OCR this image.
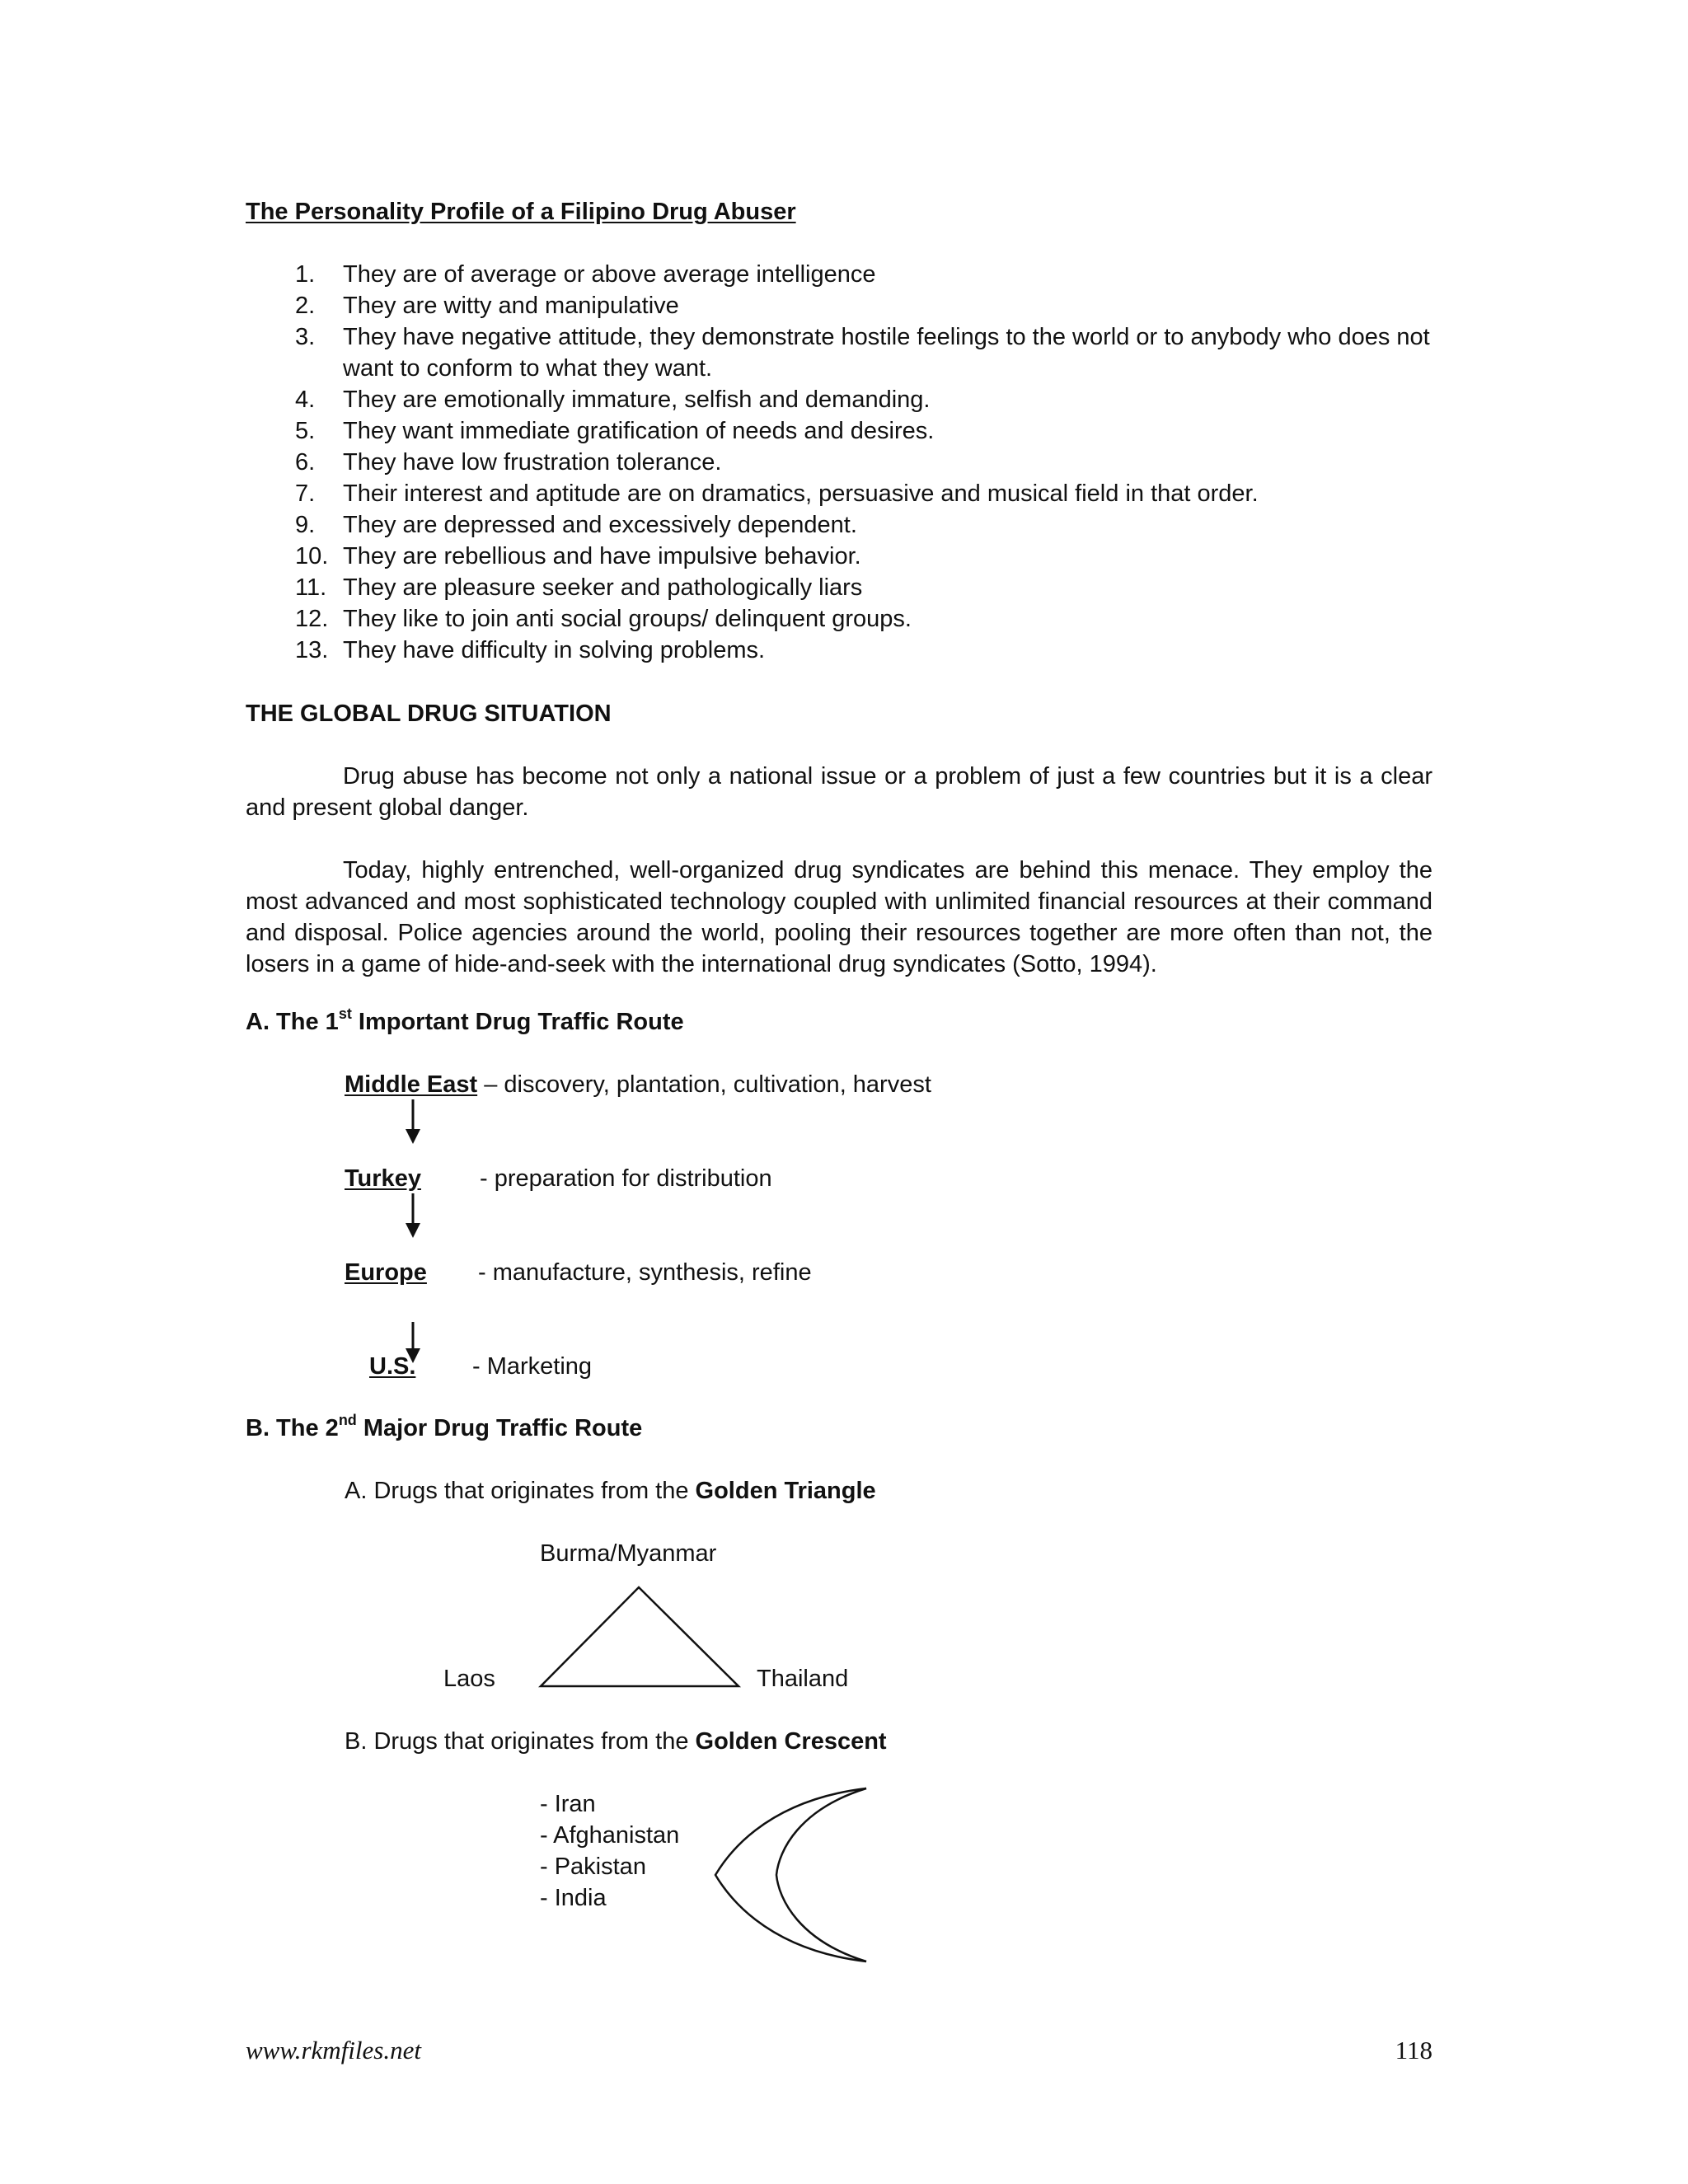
The Personality Profile of a Filipino Drug Abuser
1.	They are of average or above average intelligence
2.	They are witty and manipulative
3.	They have negative attitude, they demonstrate hostile feelings to the world or to anybody who does not want to conform to what they want.
4.	They are emotionally immature, selfish and demanding.
5.	They want immediate gratification of needs and desires.
6.	They have low frustration tolerance.
7.	Their interest and aptitude are on dramatics, persuasive and musical field in that order.
9.	They are depressed and excessively dependent.
10. They are rebellious and have impulsive behavior.
11. They are pleasure seeker and pathologically liars
12. They like to join anti social groups/ delinquent groups.
13. They have difficulty in solving problems.
THE GLOBAL DRUG SITUATION

Drug abuse has become not only a national issue or a problem of just a few countries but it is a clear and present global danger.

Today, highly entrenched, well-organized drug syndicates are behind this menace. They employ the most advanced and most sophisticated technology coupled with unlimited financial resources at their command and disposal. Police agencies around the world, pooling their resources together are more often than not, the losers in a game of hide-and-seek with the international drug syndicates (Sotto, 1994).

A. The 1st Important Drug Traffic Route
Middle East – discovery, plantation, cultivation, harvest
Turkey - preparation for distribution
Europe - manufacture, synthesis, refine
U.S. - Marketing
B. The 2nd Major Drug Traffic Route
A. Drugs that originates from the Golden Triangle
Burma/Myanmar
Laos	Thailand
B. Drugs that originates from the Golden Crescent
- Iran
- Afghanistan
- Pakistan
- India
www.rkmfiles.net	118
